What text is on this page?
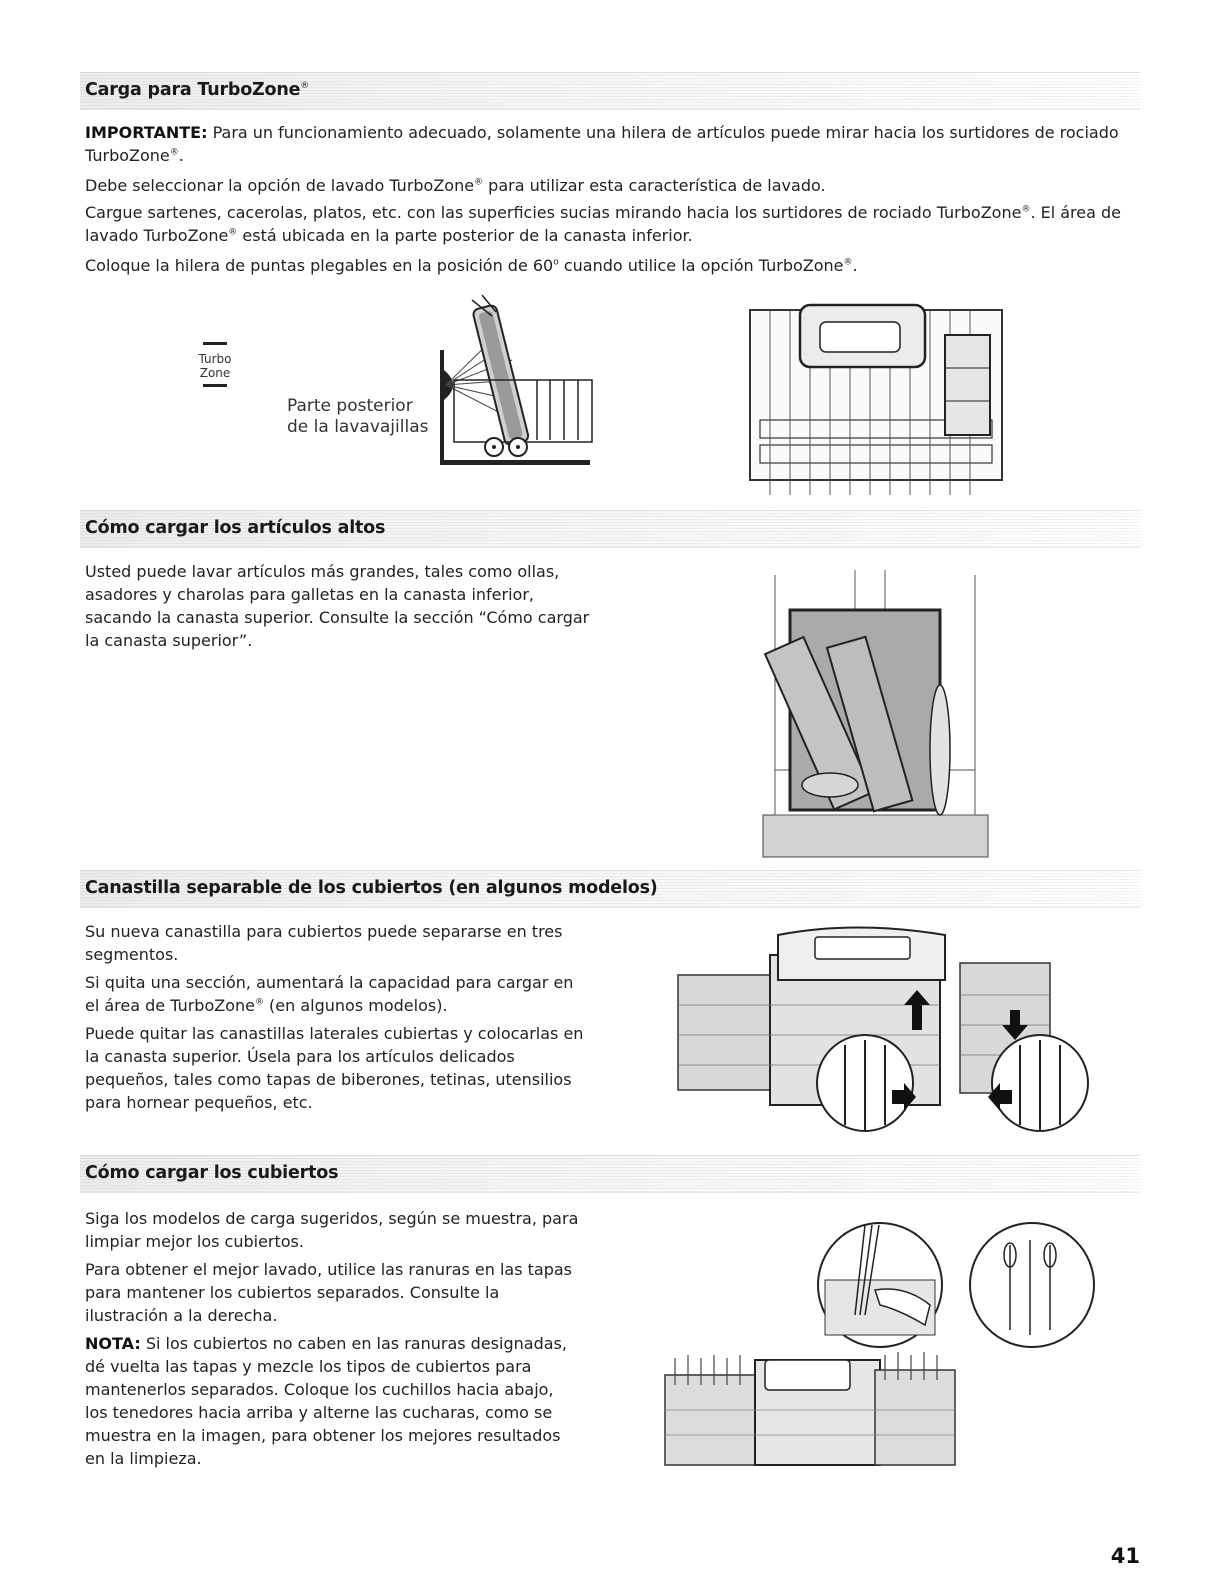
Carga para TurboZone®

IMPORTANTE: Para un funcionamiento adecuado, solamente una hilera de artículos puede mirar hacia los surtidores de rociado TurboZone®.

Debe seleccionar la opción de lavado TurboZone® para utilizar esta característica de lavado.

Cargue sartenes, cacerolas, platos, etc. con las superficies sucias mirando hacia los surtidores de rociado TurboZone®. El área de lavado TurboZone® está ubicada en la parte posterior de la canasta inferior.

Coloque la hilera de puntas plegables en la posición de 60$^o$ cuando utilice la opción TurboZone®.

Turbo
Zone
Parte posterior
de la lavavajillas
Cómo cargar los artículos altos

Usted puede lavar artículos más grandes, tales como ollas, asadores y charolas para galletas en la canasta inferior, sacando la canasta superior. Consulte la sección “Cómo cargar la canasta superior”.

Canastilla separable de los cubiertos (en algunos modelos)

Su nueva canastilla para cubiertos puede separarse en tres segmentos.

Si quita una sección, aumentará la capacidad para cargar en el área de TurboZone® (en algunos modelos).

Puede quitar las canastillas laterales cubiertas y colocarlas en la canasta superior. Úsela para los artículos delicados pequeños, tales como tapas de biberones, tetinas, utensilios para hornear pequeños, etc.

Cómo cargar los cubiertos

Siga los modelos de carga sugeridos, según se muestra, para limpiar mejor los cubiertos.

Para obtener el mejor lavado, utilice las ranuras en las tapas para mantener los cubiertos separados. Consulte la ilustración a la derecha.

NOTA: Si los cubiertos no caben en las ranuras designadas, dé vuelta las tapas y mezcle los tipos de cubiertos para mantenerlos separados. Coloque los cuchillos hacia abajo, los tenedores hacia arriba y alterne las cucharas, como se muestra en la imagen, para obtener los mejores resultados en la limpieza.

41
